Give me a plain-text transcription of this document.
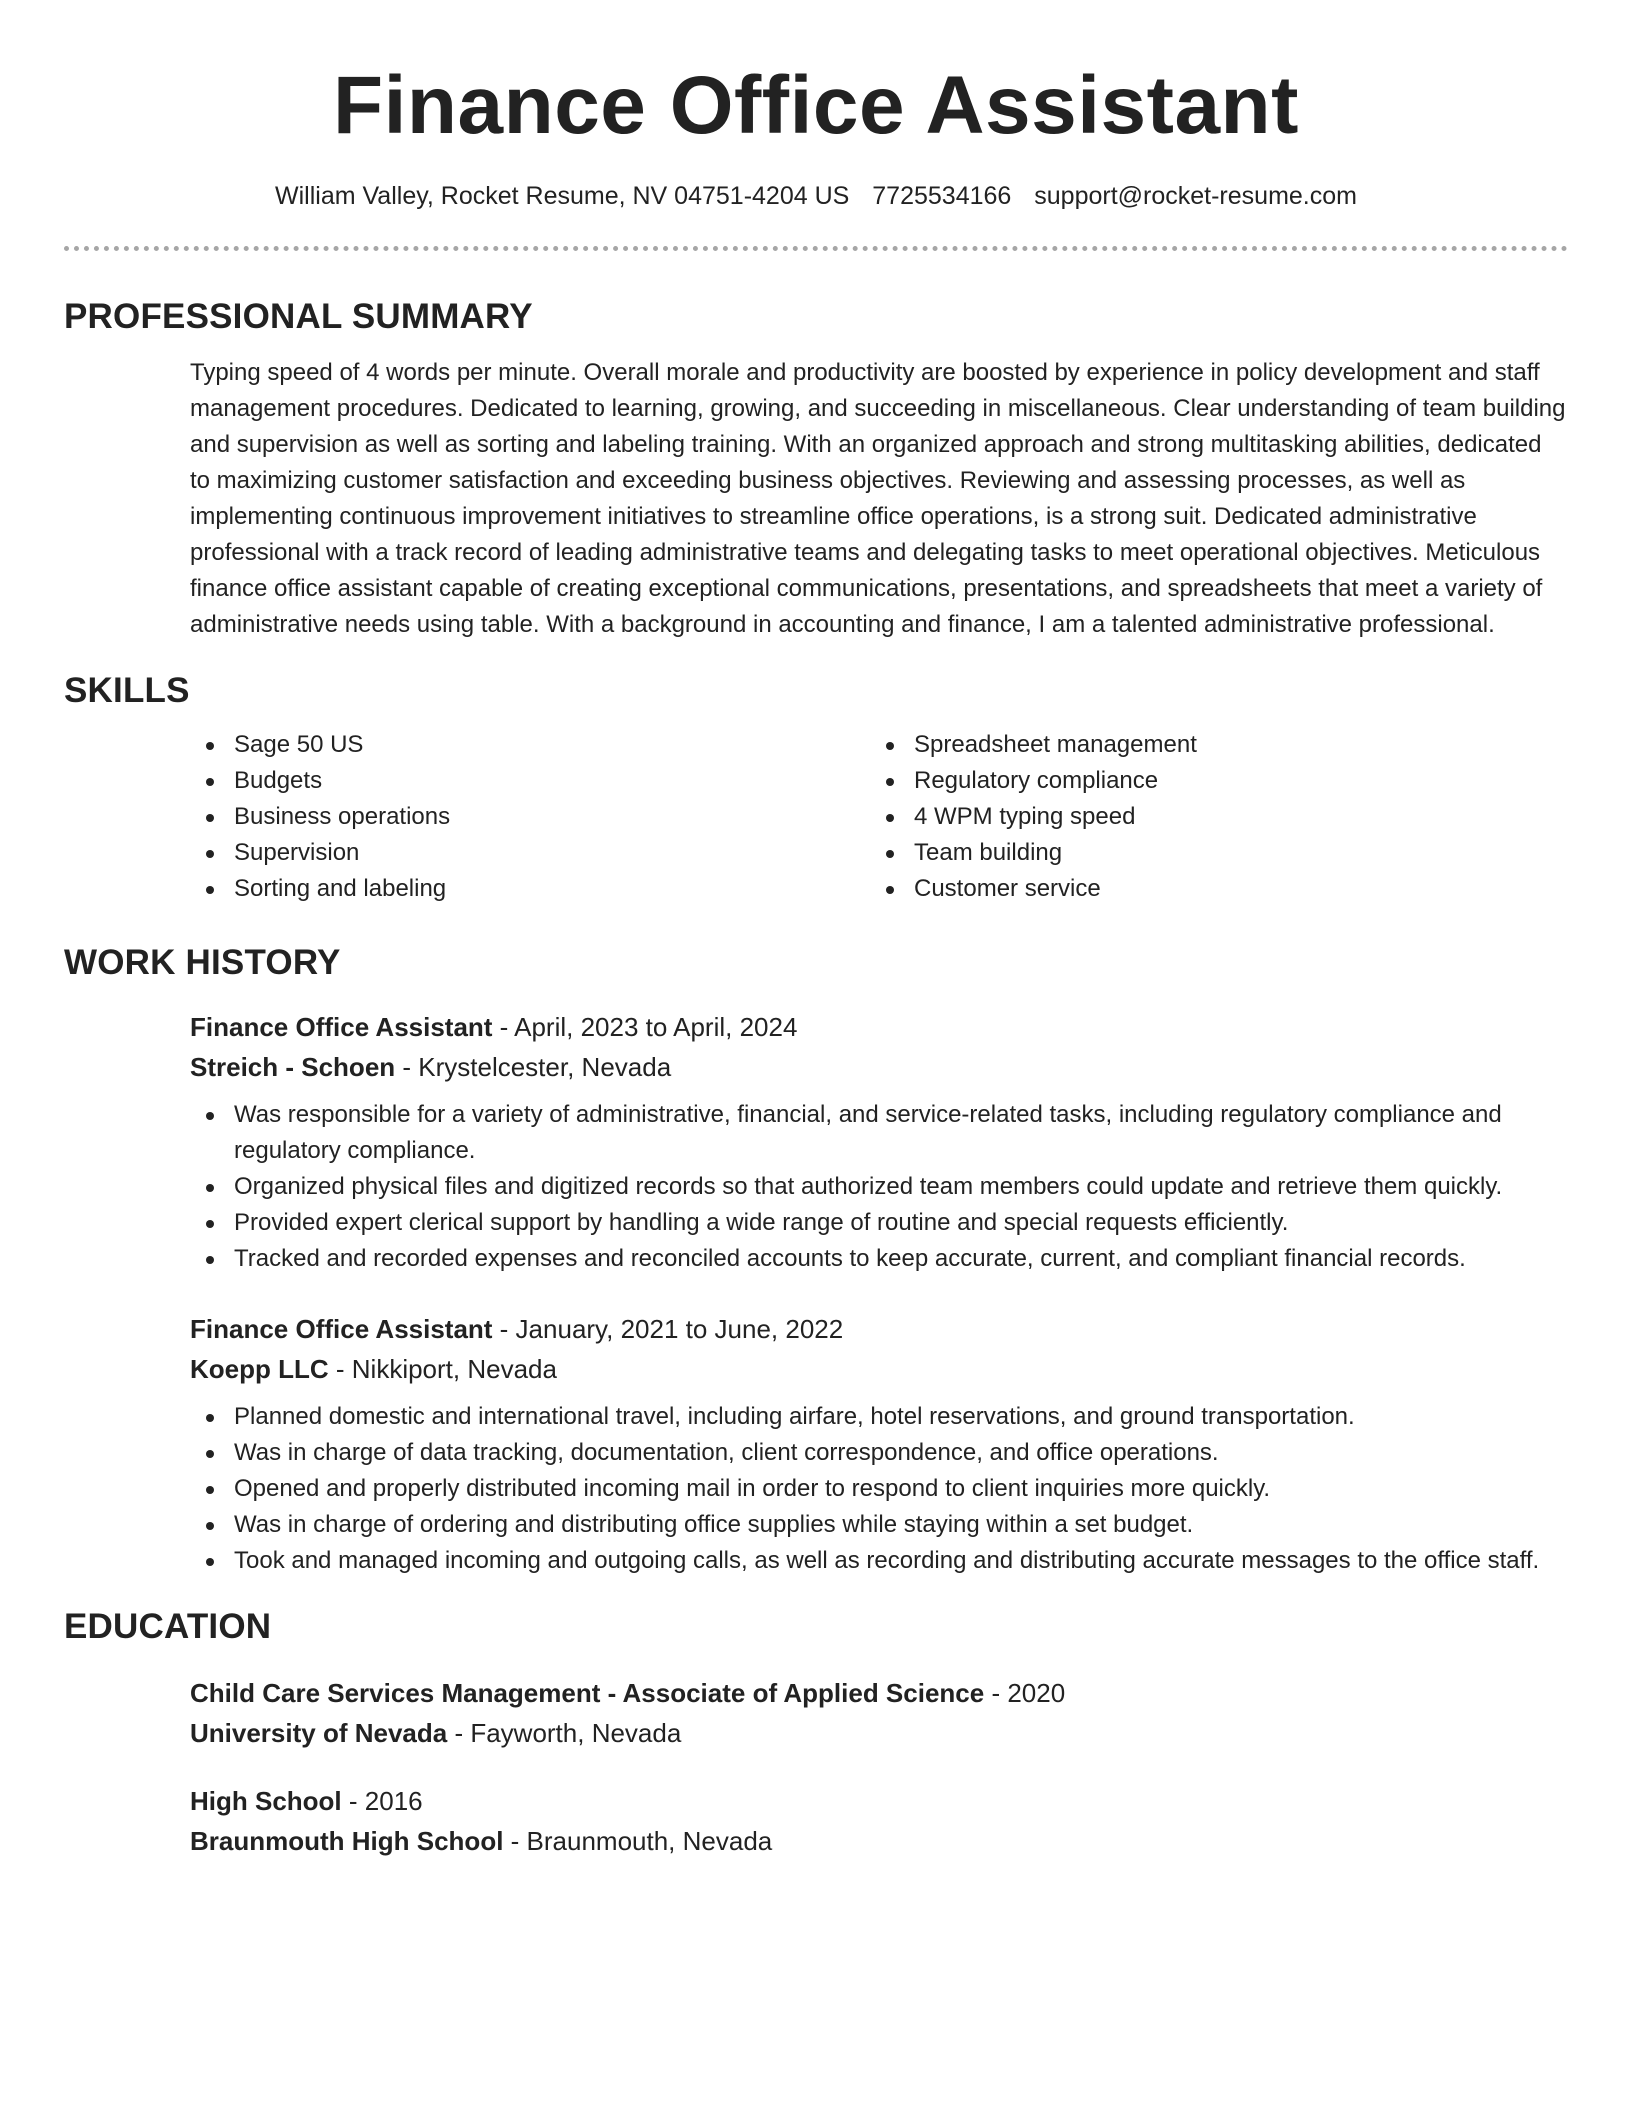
Finance Office Assistant
William Valley, Rocket Resume, NV 04751-4204 US 7725534166 support@rocket-resume.com
PROFESSIONAL SUMMARY

Typing speed of 4 words per minute. Overall morale and productivity are boosted by experience in policy development and staff management procedures. Dedicated to learning, growing, and succeeding in miscellaneous. Clear understanding of team building and supervision as well as sorting and labeling training. With an organized approach and strong multitasking abilities, dedicated to maximizing customer satisfaction and exceeding business objectives. Reviewing and assessing processes, as well as implementing continuous improvement initiatives to streamline office operations, is a strong suit. Dedicated administrative professional with a track record of leading administrative teams and delegating tasks to meet operational objectives. Meticulous finance office assistant capable of creating exceptional communications, presentations, and spreadsheets that meet a variety of administrative needs using table. With a background in accounting and finance, I am a talented administrative professional.

SKILLS
Sage 50 US
Budgets
Business operations
Supervision
Sorting and labeling
Spreadsheet management
Regulatory compliance
4 WPM typing speed
Team building
Customer service
WORK HISTORY
Finance Office Assistant - April, 2023 to April, 2024
Streich - Schoen - Krystelcester, Nevada
Was responsible for a variety of administrative, financial, and service-related tasks, including regulatory compliance and regulatory compliance.
Organized physical files and digitized records so that authorized team members could update and retrieve them quickly.
Provided expert clerical support by handling a wide range of routine and special requests efficiently.
Tracked and recorded expenses and reconciled accounts to keep accurate, current, and compliant financial records.
Finance Office Assistant - January, 2021 to June, 2022
Koepp LLC - Nikkiport, Nevada
Planned domestic and international travel, including airfare, hotel reservations, and ground transportation.
Was in charge of data tracking, documentation, client correspondence, and office operations.
Opened and properly distributed incoming mail in order to respond to client inquiries more quickly.
Was in charge of ordering and distributing office supplies while staying within a set budget.
Took and managed incoming and outgoing calls, as well as recording and distributing accurate messages to the office staff.
EDUCATION
Child Care Services Management - Associate of Applied Science - 2020
University of Nevada - Fayworth, Nevada
High School - 2016
Braunmouth High School - Braunmouth, Nevada
